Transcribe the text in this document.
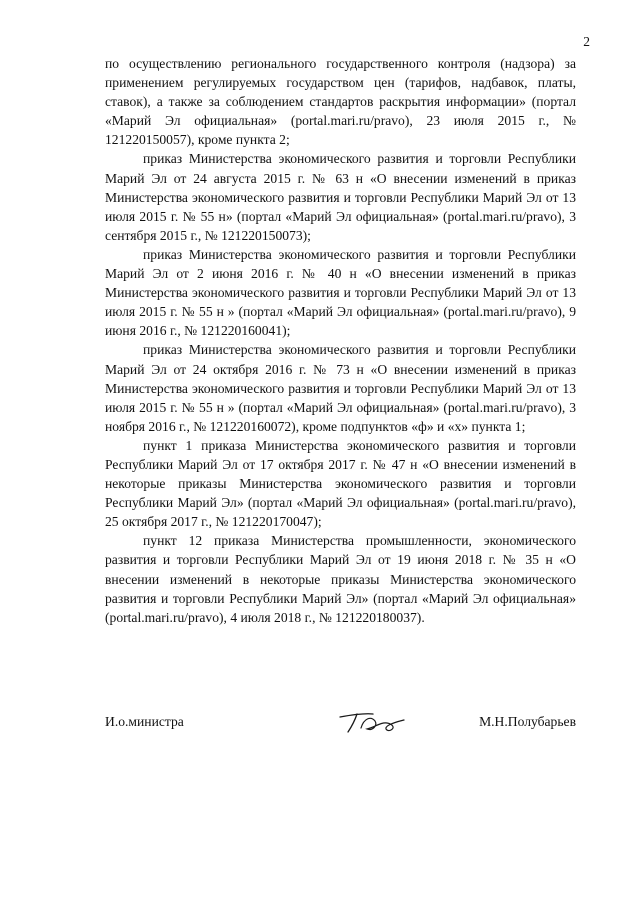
2

по осуществлению регионального государственного контроля (надзора) за применением регулируемых государством цен (тарифов, надбавок, платы, ставок), а также за соблюдением стандартов раскрытия информации» (портал «Марий Эл официальная» (portal.mari.ru/pravo), 23 июля 2015 г., № 121220150057), кроме пункта 2;

приказ Министерства экономического развития и торговли Республики Марий Эл от 24 августа 2015 г. № 63 н «О внесении изменений в приказ Министерства экономического развития и торговли Республики Марий Эл от 13 июля 2015 г. № 55 н» (портал «Марий Эл официальная» (portal.mari.ru/pravo), 3 сентября 2015 г., № 121220150073);

приказ Министерства экономического развития и торговли Республики Марий Эл от 2 июня 2016 г. № 40 н «О внесении изменений в приказ Министерства экономического развития и торговли Республики Марий Эл от 13 июля 2015 г. № 55 н » (портал «Марий Эл официальная» (portal.mari.ru/pravo), 9 июня 2016 г., № 121220160041);

приказ Министерства экономического развития и торговли Республики Марий Эл от 24 октября 2016 г. № 73 н «О внесении изменений в приказ Министерства экономического развития и торговли Республики Марий Эл от 13 июля 2015 г. № 55 н » (портал «Марий Эл официальная» (portal.mari.ru/pravo), 3 ноября 2016 г., № 121220160072), кроме подпунктов «ф» и «х» пункта 1;

пункт 1 приказа Министерства экономического развития и торговли Республики Марий Эл от 17 октября 2017 г. № 47 н «О внесении изменений в некоторые приказы Министерства экономического развития и торговли Республики Марий Эл» (портал «Марий Эл официальная» (portal.mari.ru/pravo), 25 октября 2017 г., № 121220170047);

пункт 12 приказа Министерства промышленности, экономического развития и торговли Республики Марий Эл от 19 июня 2018 г. № 35 н «О внесении изменений в некоторые приказы Министерства экономического развития и торговли Республики Марий Эл» (портал «Марий Эл официальная» (portal.mari.ru/pravo), 4 июля 2018 г., № 121220180037).

И.о.министра	М.Н.Полубарьев
